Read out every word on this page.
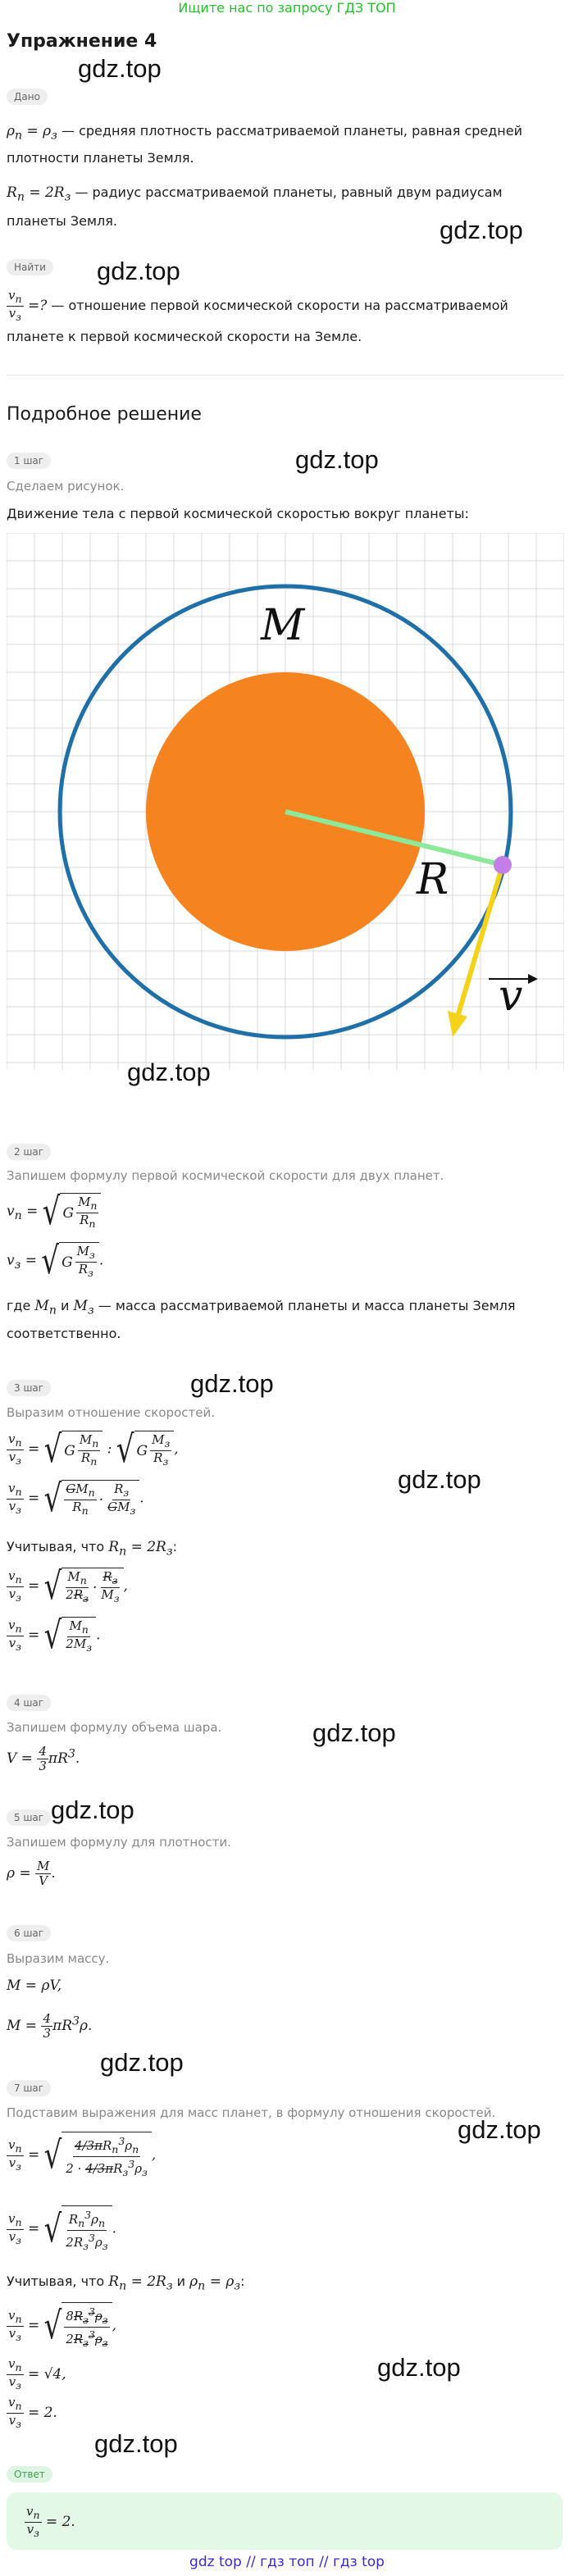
Ищите нас по запросу ГДЗ ТОП
Упражнение 4
gdz.top
gdz.top
gdz.top
gdz.top
gdz.top
gdz.top
gdz.top
gdz.top
gdz.top
gdz.top
gdz.top
gdz.top
gdz.top
Дано
$\rho_п = \rho_з$ — средняя плотность рассматриваемой планеты, равная средней
плотности планеты Земля.
$R_п = 2R_з$ — радиус рассматриваемой планеты, равный двум радиусам
планеты Земля.
Найти
$\frac{v_п}{v_з}$ =? — отношение первой космической скорости на рассматриваемой
планете к первой космической скорости на Земле.
Подробное решение
1 шаг
Сделаем рисунок.
Движение тела с первой космической скоростью вокруг планеты:
M
R
v
2 шаг
Запишем формулу первой космической скорости для двух планет.
$v_п$ = √ G $\frac{M_п}{R_п}$
$v_з$ = √ G $\frac{M_з}{R_з}$ .
где $M_п$ и $M_з$ — масса рассматриваемой планеты и масса планеты Земля
соответственно.
3 шаг
Выразим отношение скоростей.
$\frac{v_п}{v_з}$ = √ G $\frac{M_п}{R_п}$ : √ G $\frac{M_з}{R_з}$ ,
$\frac{v_п}{v_з}$ = √ $\frac{GM_п}{R_п} \cdot \frac{R_з}{GM_з}$ .
Учитывая, что $R_п = 2R_з$:
$\frac{v_п}{v_з}$ = √ $\frac{M_п}{2R_з} \cdot \frac{R_з}{M_з}$ ,
$\frac{v_п}{v_з}$ = √ $\frac{M_п}{2M_з}$ .
4 шаг
Запишем формулу объема шара.
$V = \frac{4}{3} \pi R^3$.
5 шаг
Запишем формулу для плотности.
$\rho = \frac{M}{V}$ .
6 шаг
Выразим массу.
M = ρV,
$M = \frac{4}{3} \pi R^3\rho$.
7 шаг
Подставим выражения для масс планет, в формулу отношения скоростей.
$\frac{v_п}{v_з}$ = √ $\frac{4/3\pi R_п^3\rho_п}{2 \cdot 4/3\pi R_з^3\rho_з}$ ,
$\frac{v_п}{v_з}$ = √ $\frac{R_п^3\rho_п}{2R_з^3\rho_з}$ .
Учитывая, что $R_п = 2R_з$ и $\rho_п = \rho_з$:
$\frac{v_п}{v_з}$ = √ $\frac{8R_з^3\rho_з}{2R_з^3\rho_з}$ ,
$\frac{v_п}{v_з} = √4$,
$\frac{v_п}{v_з} = 2$.
Ответ
$\frac{v_п}{v_з} = 2$.
gdz top // гдз топ // гдз top
